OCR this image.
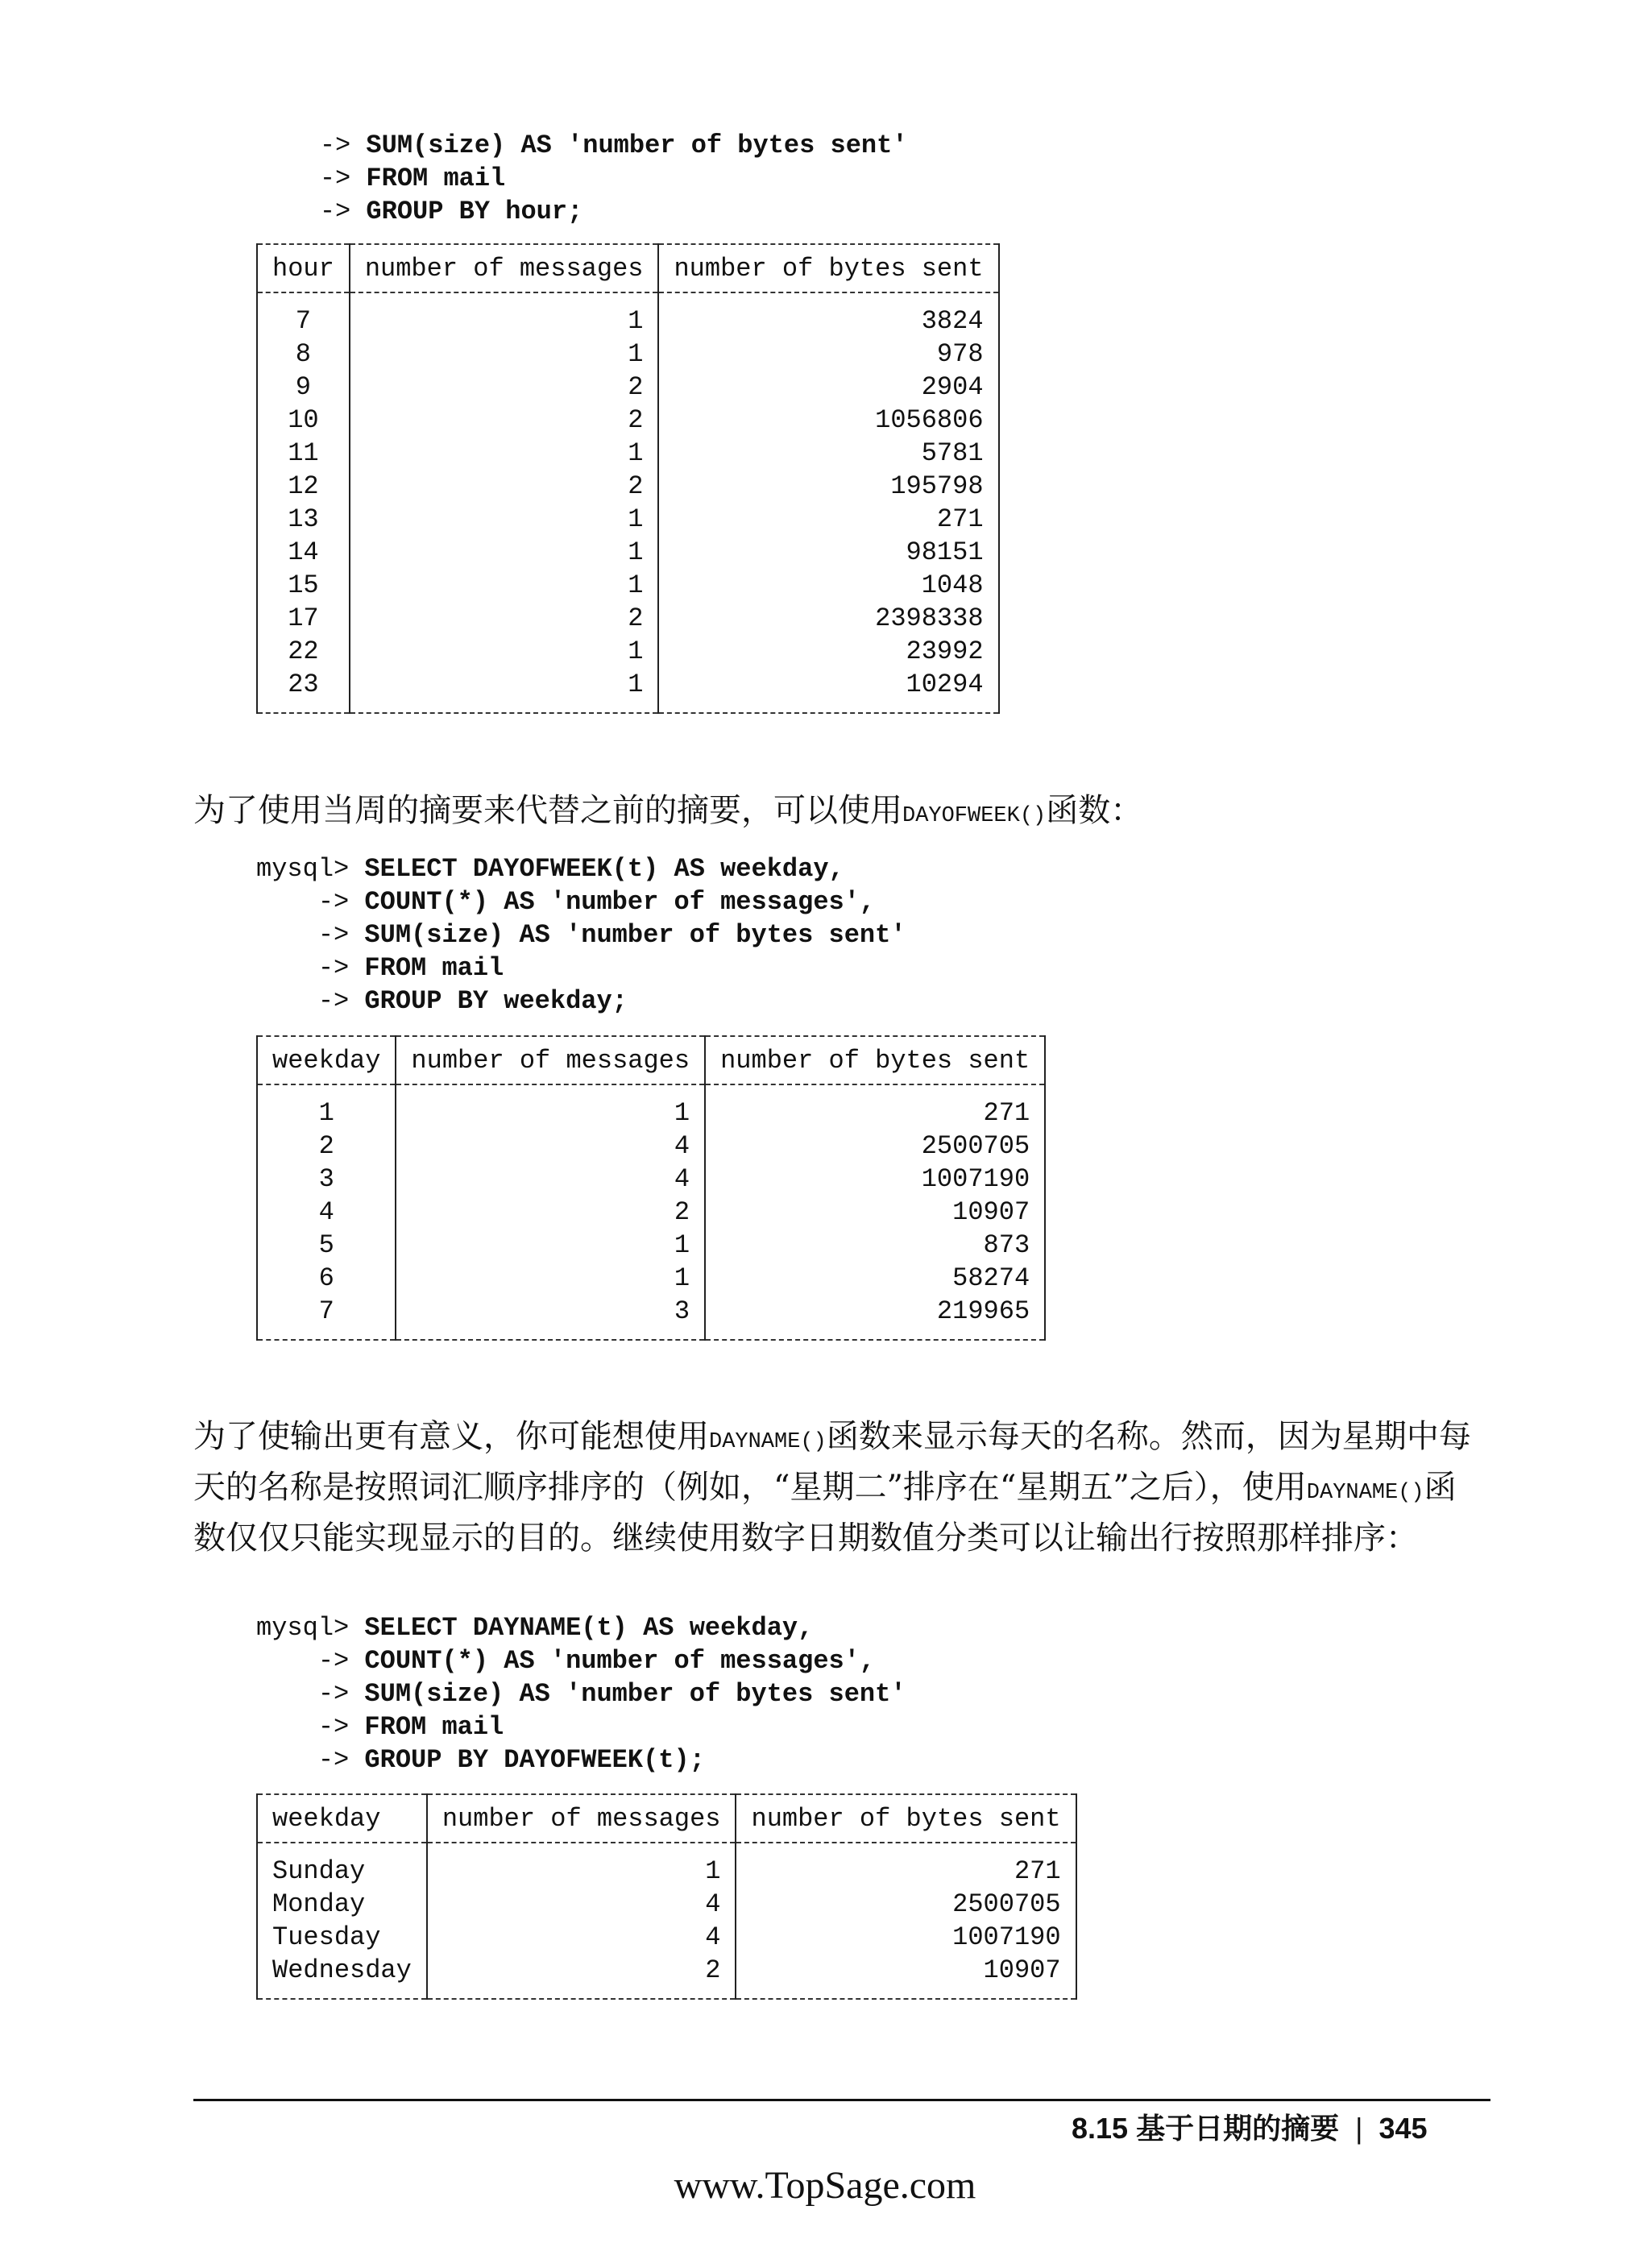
-> SUM(size) AS 'number of bytes sent'
-> FROM mail
-> GROUP BY hour;
hour	number of messages	number of bytes sent
7	1	3824
8	1	978
9	2	2904
10	2	1056806
11	1	5781
12	2	195798
13	1	271
14	1	98151
15	1	1048
17	2	2398338
22	1	23992
23	1	10294

为了使用当周的摘要来代替之前的摘要，可以使用DAYOFWEEK()函数：

mysql> SELECT DAYOFWEEK(t) AS weekday,
-> COUNT(*) AS 'number of messages',
-> SUM(size) AS 'number of bytes sent'
-> FROM mail
-> GROUP BY weekday;
weekday	number of messages	number of bytes sent
1	1	271
2	4	2500705
3	4	1007190
4	2	10907
5	1	873
6	1	58274
7	3	219965

为了使输出更有意义，你可能想使用DAYNAME()函数来显示每天的名称。然而，因为星期中每天的名称是按照词汇顺序排序的（例如，“星期二”排序在“星期五”之后），使用DAYNAME()函数仅仅只能实现显示的目的。继续使用数字日期数值分类可以让输出行按照那样排序：

mysql> SELECT DAYNAME(t) AS weekday,
-> COUNT(*) AS 'number of messages',
-> SUM(size) AS 'number of bytes sent'
-> FROM mail
-> GROUP BY DAYOFWEEK(t);
weekday	number of messages	number of bytes sent
Sunday	1	271
Monday	4	2500705
Tuesday	4	1007190
Wednesday	2	10907
8.15 基于日期的摘要 | 345
www.TopSage.com
